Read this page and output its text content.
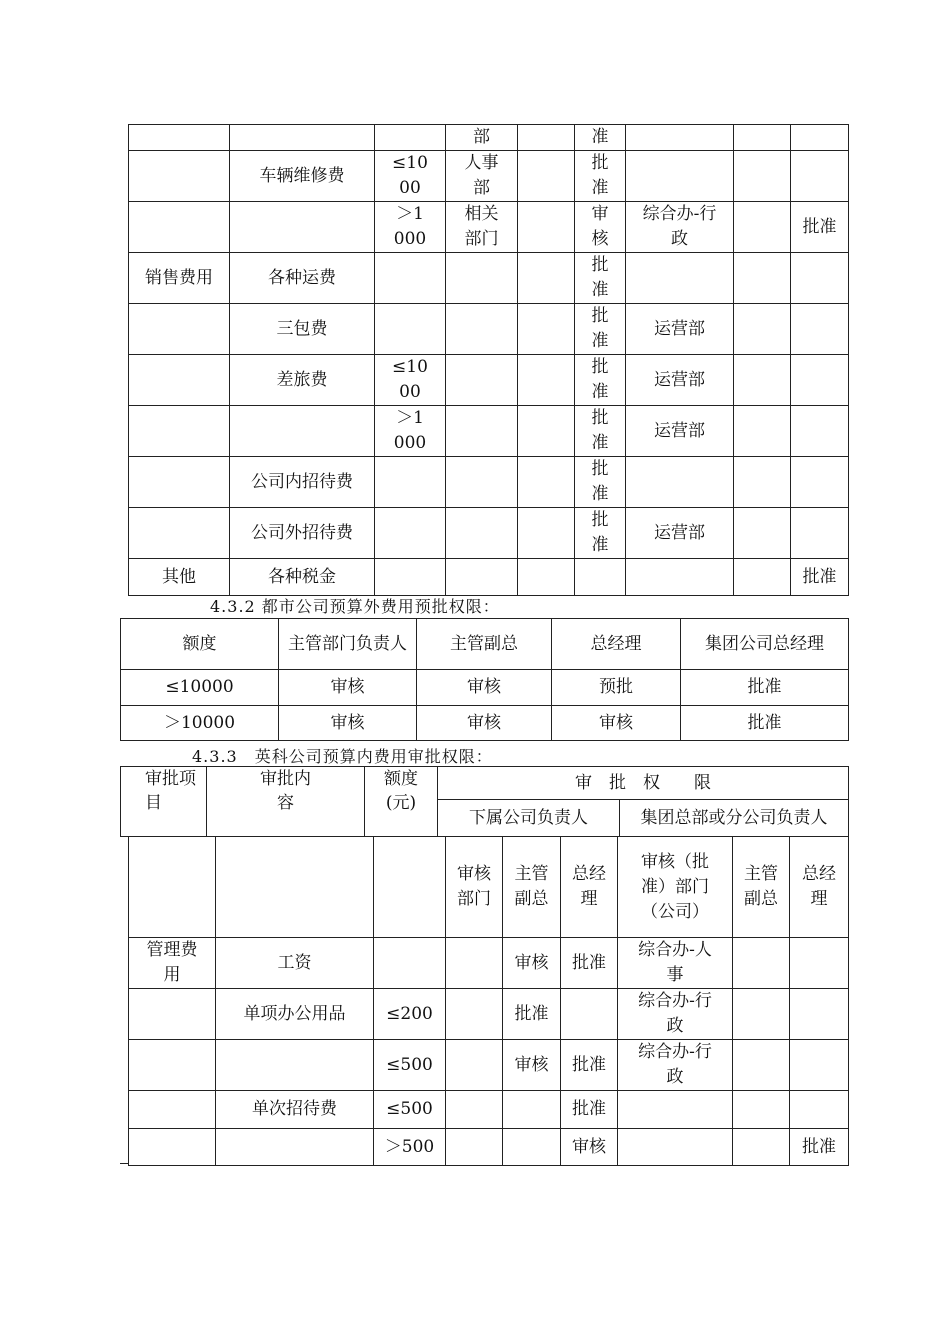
			部		准			
	车辆维修费	≤1000	人事部		批准			
		＞1000	相关部门		审核	综合办-行政		批准
销售费用	各种运费				批准			
	三包费				批准	运营部		
	差旅费	≤1000			批准	运营部		
		＞1000			批准	运营部		
	公司内招待费				批准			
	公司外招待费				批准	运营部		
其他	各种税金							批准
4.3.2 都市公司预算外费用预批权限：
额度	主管部门负责人	主管副总	总经理	集团公司总经理
≤10000	审核	审核	预批	批准
＞10000	审核	审核	审核	批准
4.3.3　英科公司预算内费用审批权限：
审批项目	审批内容	额度(元)	审　批　权　　限	
			下属公司负责人	集团总部或分公司负责人
			审核部门	主管副总	总经理	审核（批准）部门（公司）	主管副总	总经理
管理费用	工资			审核	批准	综合办-人事		
	单项办公用品	≤200		批准		综合办-行政		
		≤500		审核	批准	综合办-行政		
	单次招待费	≤500			批准			
		＞500			审核			批准
